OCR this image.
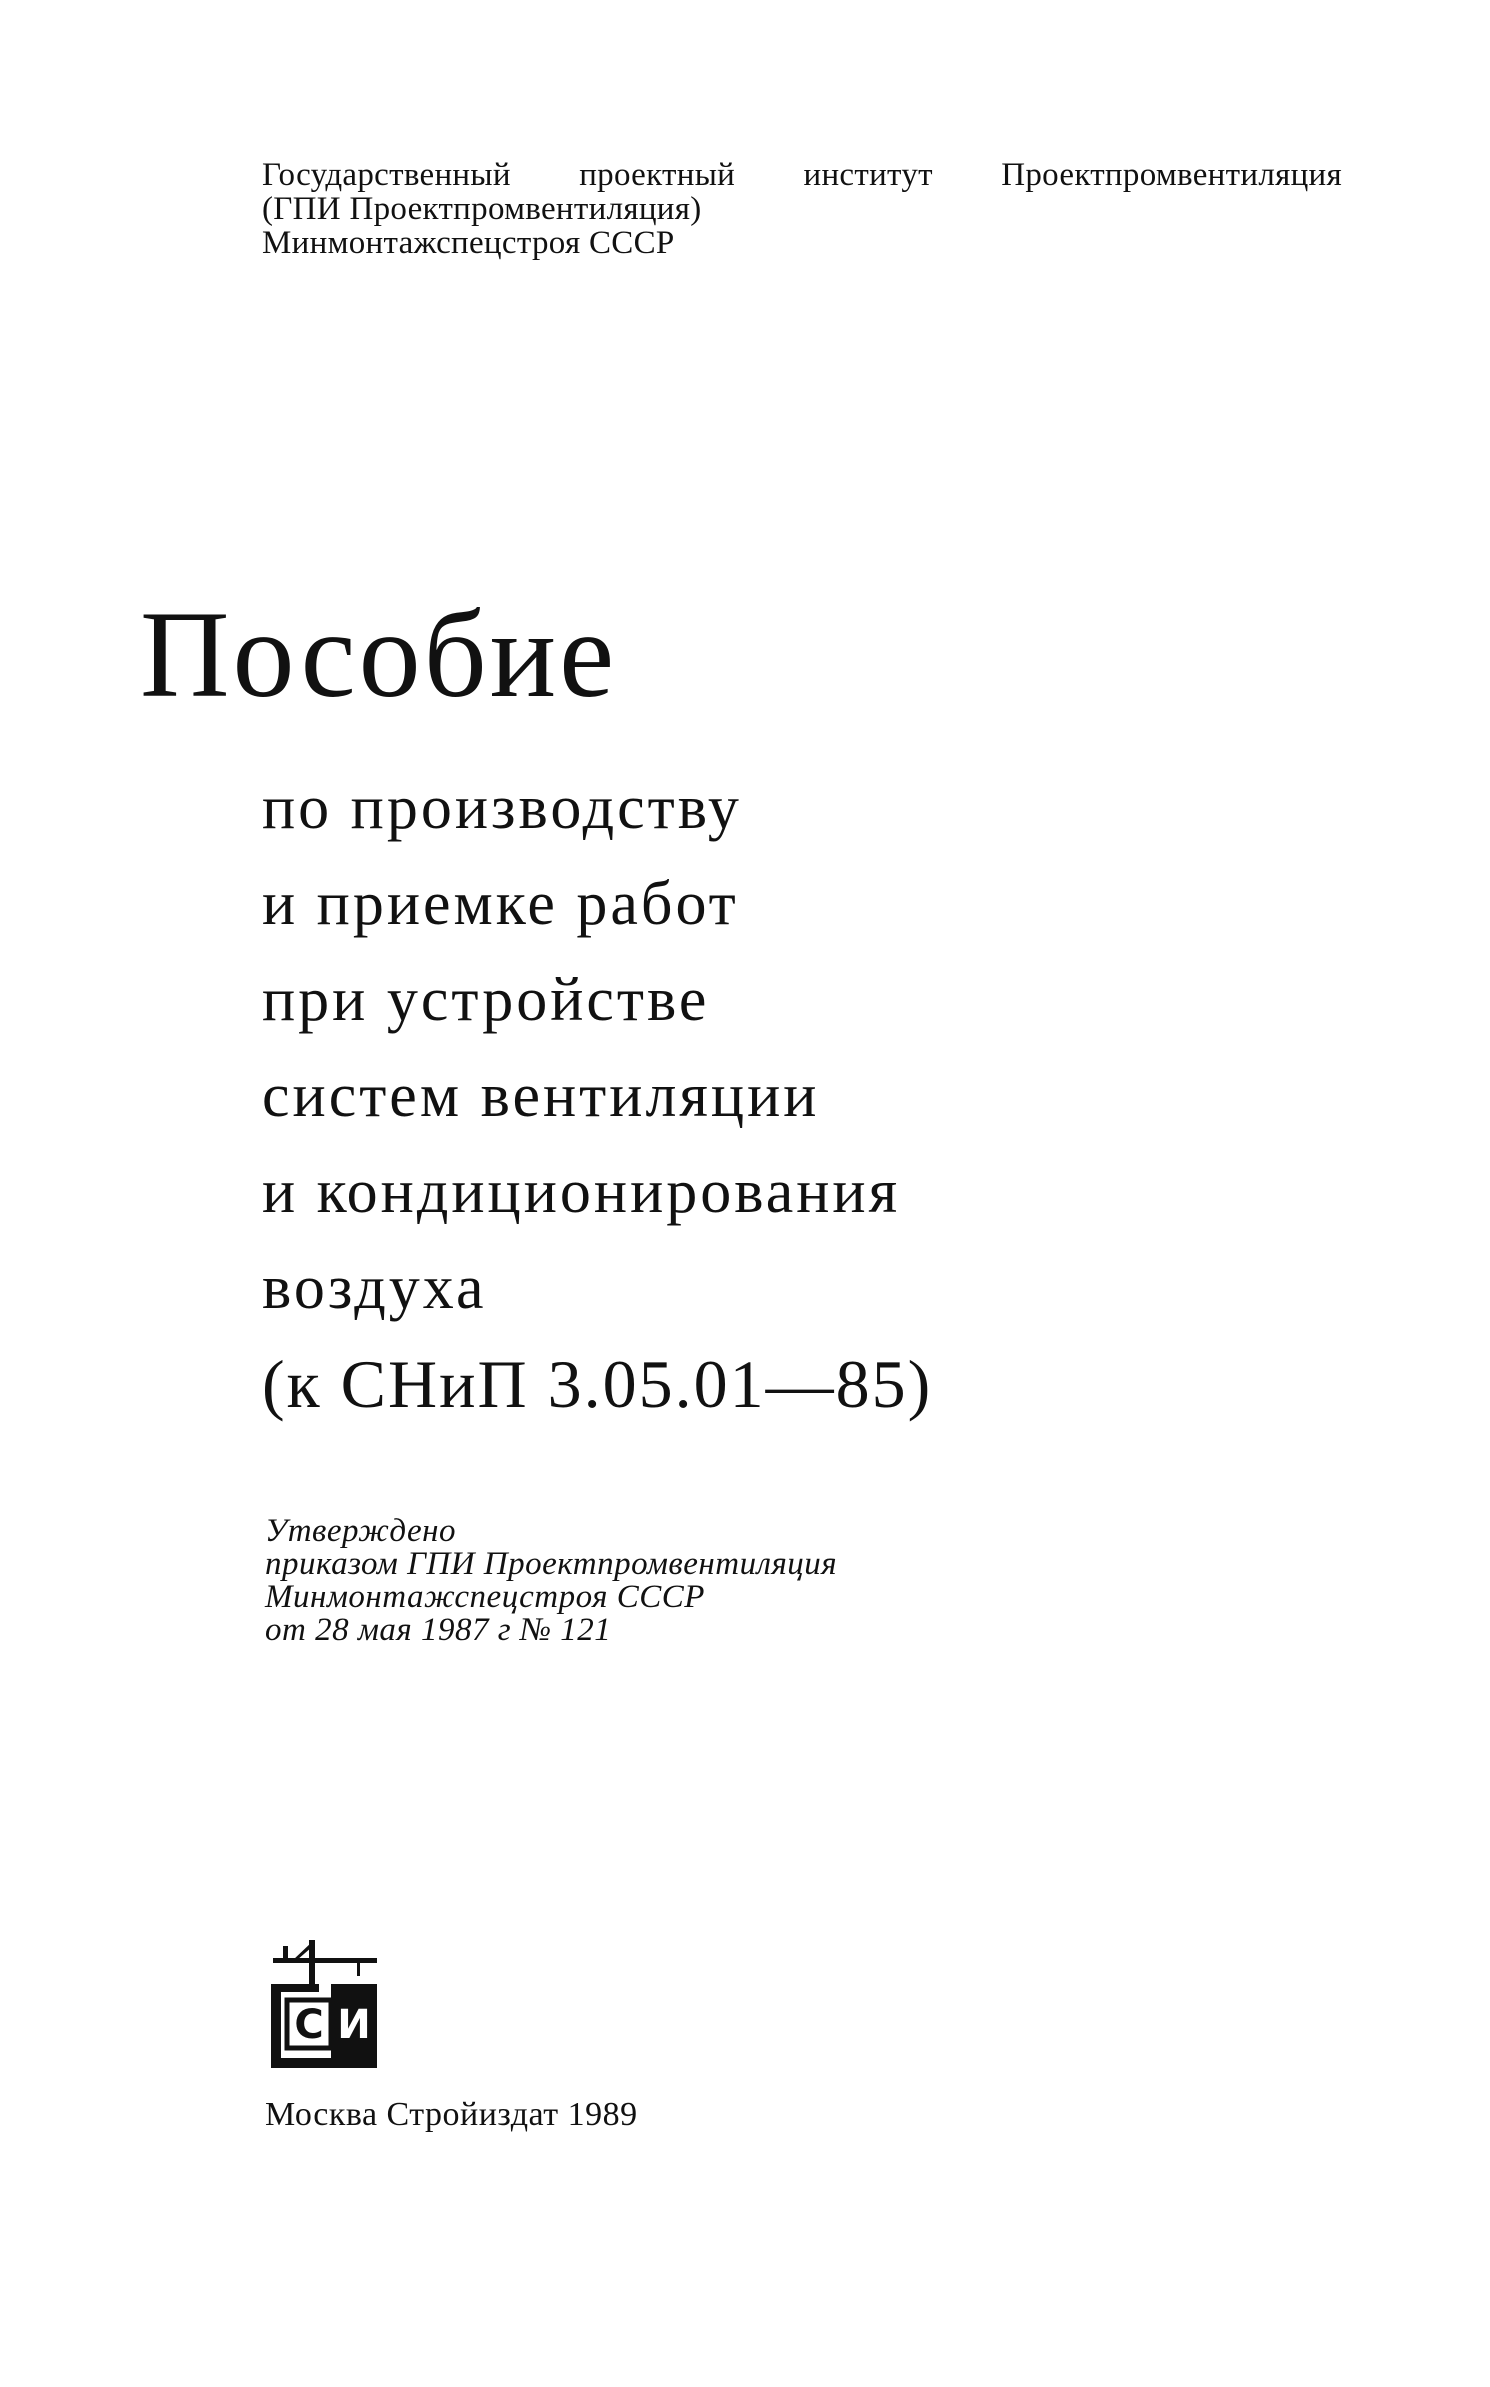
Государственный проектный институт Проектпромвентиляция
(ГПИ Проектпромвентиляция)
Минмонтажспецстроя СССР
Пособие
по производству
и приемке работ
при устройстве
систем вентиляции
и кондиционирования
воздуха
(к СНиП 3.05.01—85)
Утверждено
приказом ГПИ Проектпромвентиляция
Минмонтажспецстроя СССР
от 28 мая 1987 г № 121
С И
Москва Стройиздат 1989
